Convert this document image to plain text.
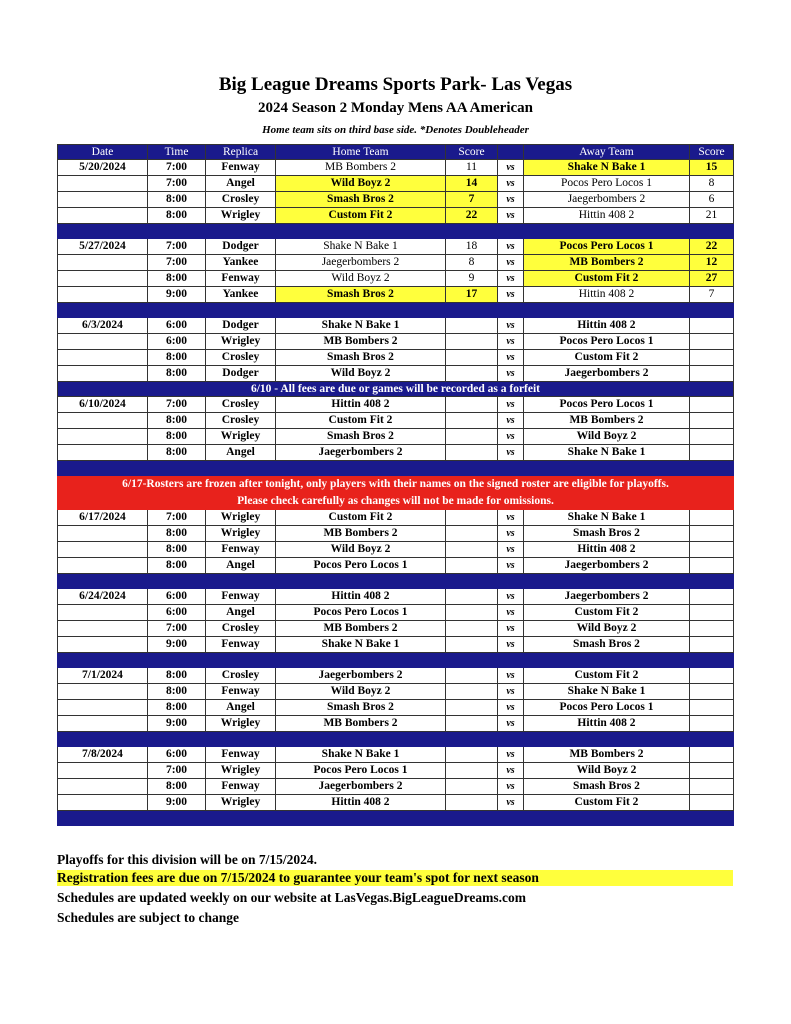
Big League Dreams Sports Park- Las Vegas
2024 Season 2 Monday Mens AA American
Home team sits on third base side. *Denotes Doubleheader
Date	Time	Replica	Home Team	Score		Away Team	Score
5/20/2024	7:00	Fenway	MB Bombers 2	11	vs	Shake N Bake 1	15
	7:00	Angel	Wild Boyz 2	14	vs	Pocos Pero Locos 1	8
	8:00	Crosley	Smash Bros 2	7	vs	Jaegerbombers 2	6
	8:00	Wrigley	Custom Fit 2	22	vs	Hittin 408 2	21

5/27/2024	7:00	Dodger	Shake N Bake 1	18	vs	Pocos Pero Locos 1	22
	7:00	Yankee	Jaegerbombers 2	8	vs	MB Bombers 2	12
	8:00	Fenway	Wild Boyz 2	9	vs	Custom Fit 2	27
	9:00	Yankee	Smash Bros 2	17	vs	Hittin 408 2	7

6/3/2024	6:00	Dodger	Shake N Bake 1		vs	Hittin 408 2	
	6:00	Wrigley	MB Bombers 2		vs	Pocos Pero Locos 1	
	8:00	Crosley	Smash Bros 2		vs	Custom Fit 2	
	8:00	Dodger	Wild Boyz 2		vs	Jaegerbombers 2	
6/10 - All fees are due or games will be recorded as a forfeit							
6/10/2024	7:00	Crosley	Hittin 408 2		vs	Pocos Pero Locos 1	
	8:00	Crosley	Custom Fit 2		vs	MB Bombers 2	
	8:00	Wrigley	Smash Bros 2		vs	Wild Boyz 2	
	8:00	Angel	Jaegerbombers 2		vs	Shake N Bake 1	

6/17-Rosters are frozen after tonight, only players with their names on the signed roster are eligible for playoffs.							
Please check carefully as changes will not be made for omissions.							
6/17/2024	7:00	Wrigley	Custom Fit 2		vs	Shake N Bake 1	
	8:00	Wrigley	MB Bombers 2		vs	Smash Bros 2	
	8:00	Fenway	Wild Boyz 2		vs	Hittin 408 2	
	8:00	Angel	Pocos Pero Locos 1		vs	Jaegerbombers 2	

6/24/2024	6:00	Fenway	Hittin 408 2		vs	Jaegerbombers 2	
	6:00	Angel	Pocos Pero Locos 1		vs	Custom Fit 2	
	7:00	Crosley	MB Bombers 2		vs	Wild Boyz 2	
	9:00	Fenway	Shake N Bake 1		vs	Smash Bros 2	

7/1/2024	8:00	Crosley	Jaegerbombers 2		vs	Custom Fit 2	
	8:00	Fenway	Wild Boyz 2		vs	Shake N Bake 1	
	8:00	Angel	Smash Bros 2		vs	Pocos Pero Locos 1	
	9:00	Wrigley	MB Bombers 2		vs	Hittin 408 2	

7/8/2024	6:00	Fenway	Shake N Bake 1		vs	MB Bombers 2	
	7:00	Wrigley	Pocos Pero Locos 1		vs	Wild Boyz 2	
	8:00	Fenway	Jaegerbombers 2		vs	Smash Bros 2	
	9:00	Wrigley	Hittin 408 2		vs	Custom Fit 2	

Playoffs for this division will be on 7/15/2024.
Registration fees are due on 7/15/2024 to guarantee your team's spot for next season
Schedules are updated weekly on our website at LasVegas.BigLeagueDreams.com
Schedules are subject to change
